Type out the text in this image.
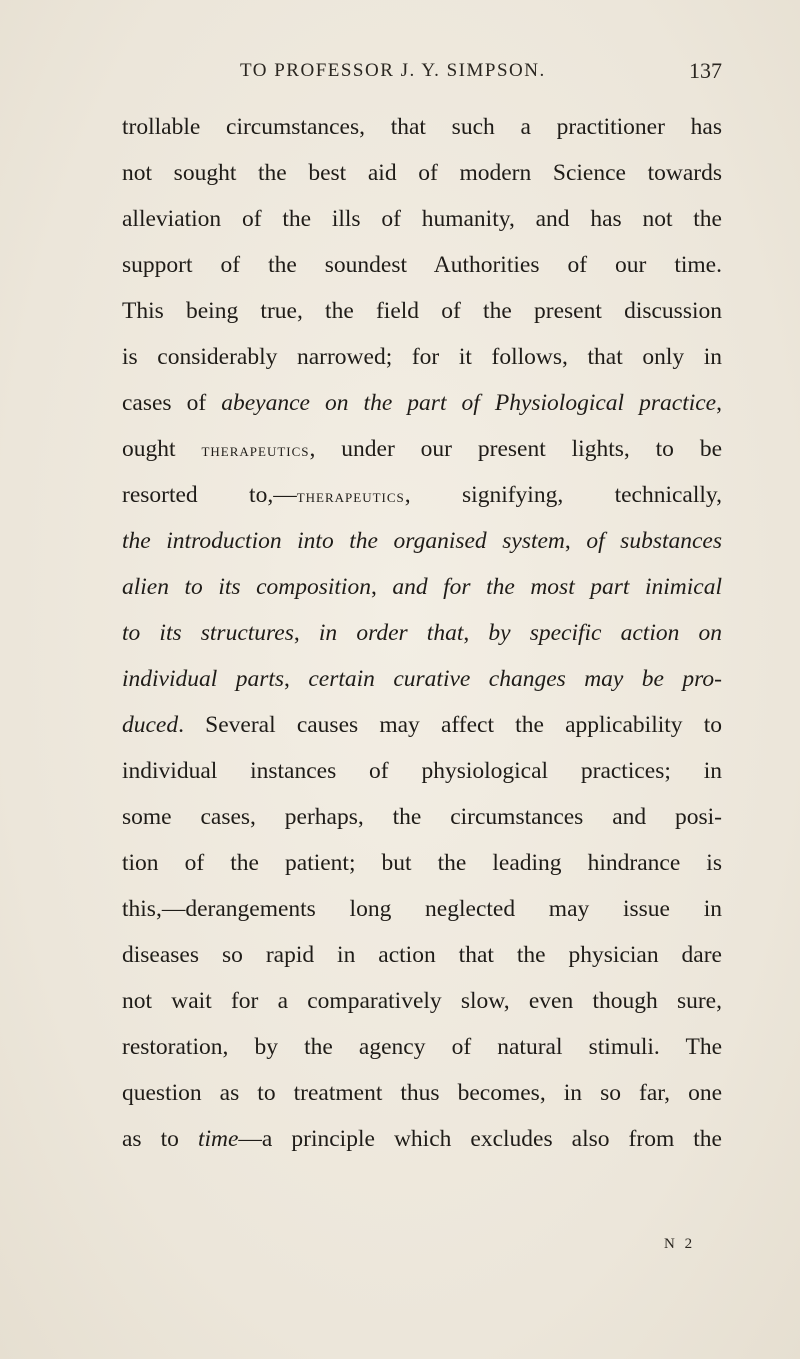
TO PROFESSOR J. Y. SIMPSON.	137
trollable circumstances, that such a practitioner has
not sought the best aid of modern Science towards
alleviation of the ills of humanity, and has not the
support of the soundest Authorities of our time.
This being true, the field of the present discussion
is considerably narrowed; for it follows, that only in
cases of abeyance on the part of Physiological practice,
ought therapeutics, under our present lights, to be
resorted to,—therapeutics, signifying, technically,
the introduction into the organised system, of substances
alien to its composition, and for the most part inimical
to its structures, in order that, by specific action on
individual parts, certain curative changes may be pro-
duced. Several causes may affect the applicability to
individual instances of physiological practices; in
some cases, perhaps, the circumstances and posi-
tion of the patient; but the leading hindrance is
this,—derangements long neglected may issue in
diseases so rapid in action that the physician dare
not wait for a comparatively slow, even though sure,
restoration, by the agency of natural stimuli. The
question as to treatment thus becomes, in so far, one
as to time—a principle which excludes also from the
N 2
